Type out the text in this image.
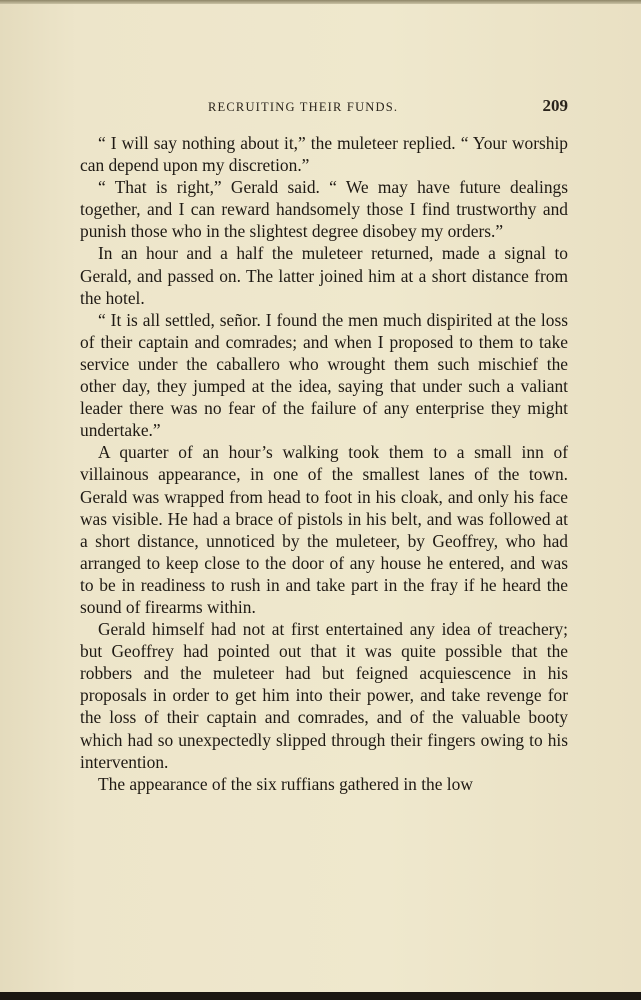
RECRUITING THEIR FUNDS.	209

“ I will say nothing about it,” the muleteer replied. “ Your worship can depend upon my discretion.”

“ That is right,” Gerald said. “ We may have future dealings together, and I can reward handsomely those I find trustworthy and punish those who in the slightest degree disobey my orders.”

In an hour and a half the muleteer returned, made a signal to Gerald, and passed on. The latter joined him at a short distance from the hotel.

“ It is all settled, señor. I found the men much dispirited at the loss of their captain and comrades; and when I proposed to them to take service under the caballero who wrought them such mischief the other day, they jumped at the idea, saying that under such a valiant leader there was no fear of the failure of any enterprise they might undertake.”

A quarter of an hour’s walking took them to a small inn of villainous appearance, in one of the smallest lanes of the town. Gerald was wrapped from head to foot in his cloak, and only his face was visible. He had a brace of pistols in his belt, and was followed at a short distance, unnoticed by the muleteer, by Geoffrey, who had arranged to keep close to the door of any house he entered, and was to be in readiness to rush in and take part in the fray if he heard the sound of firearms within.

Gerald himself had not at first entertained any idea of treachery; but Geoffrey had pointed out that it was quite possible that the robbers and the muleteer had but feigned acquiescence in his proposals in order to get him into their power, and take revenge for the loss of their captain and comrades, and of the valuable booty which had so unexpectedly slipped through their fingers owing to his intervention.

The appearance of the six ruffians gathered in the low
